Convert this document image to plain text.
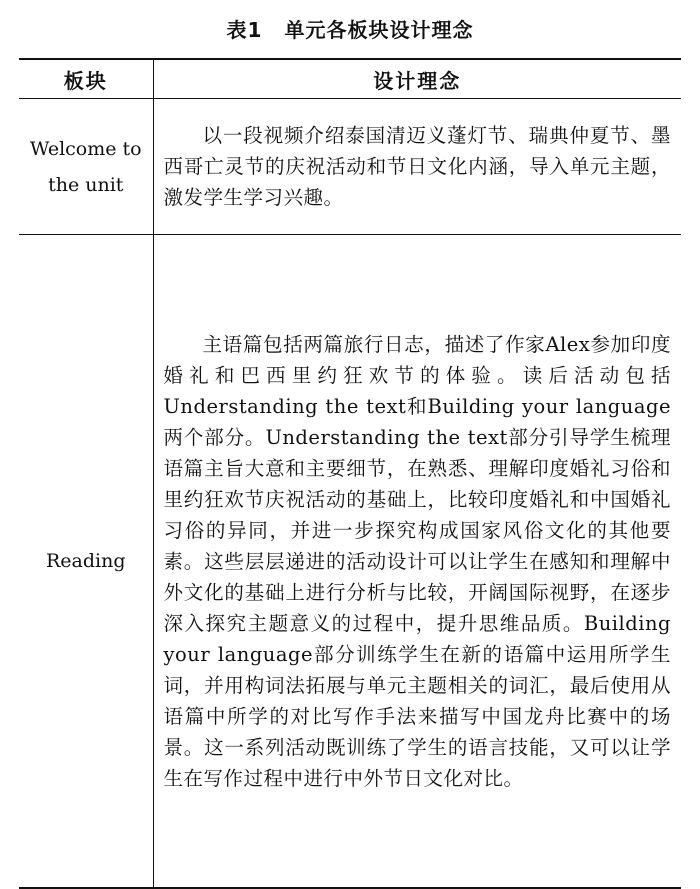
表1 单元各板块设计理念
板块	设计理念
Welcome to the unit	以一段视频介绍泰国清迈义蓬灯节、瑞典仲夏节、墨西哥亡灵节的庆祝活动和节日文化内涵，导入单元主题，激发学生学习兴趣。
Reading	主语篇包括两篇旅行日志，描述了作家Alex参加印度婚礼和巴西里约狂欢节的体验。读后活动包括Understanding the text和Building your language两个部分。Understanding the text部分引导学生梳理语篇主旨大意和主要细节，在熟悉、理解印度婚礼习俗和里约狂欢节庆祝活动的基础上，比较印度婚礼和中国婚礼习俗的异同，并进一步探究构成国家风俗文化的其他要素。这些层层递进的活动设计可以让学生在感知和理解中外文化的基础上进行分析与比较，开阔国际视野，在逐步深入探究主题意义的过程中，提升思维品质。Building your language部分训练学生在新的语篇中运用所学生词，并用构词法拓展与单元主题相关的词汇，最后使用从语篇中所学的对比写作手法来描写中国龙舟比赛中的场景。这一系列活动既训练了学生的语言技能，又可以让学生在写作过程中进行中外节日文化对比。
